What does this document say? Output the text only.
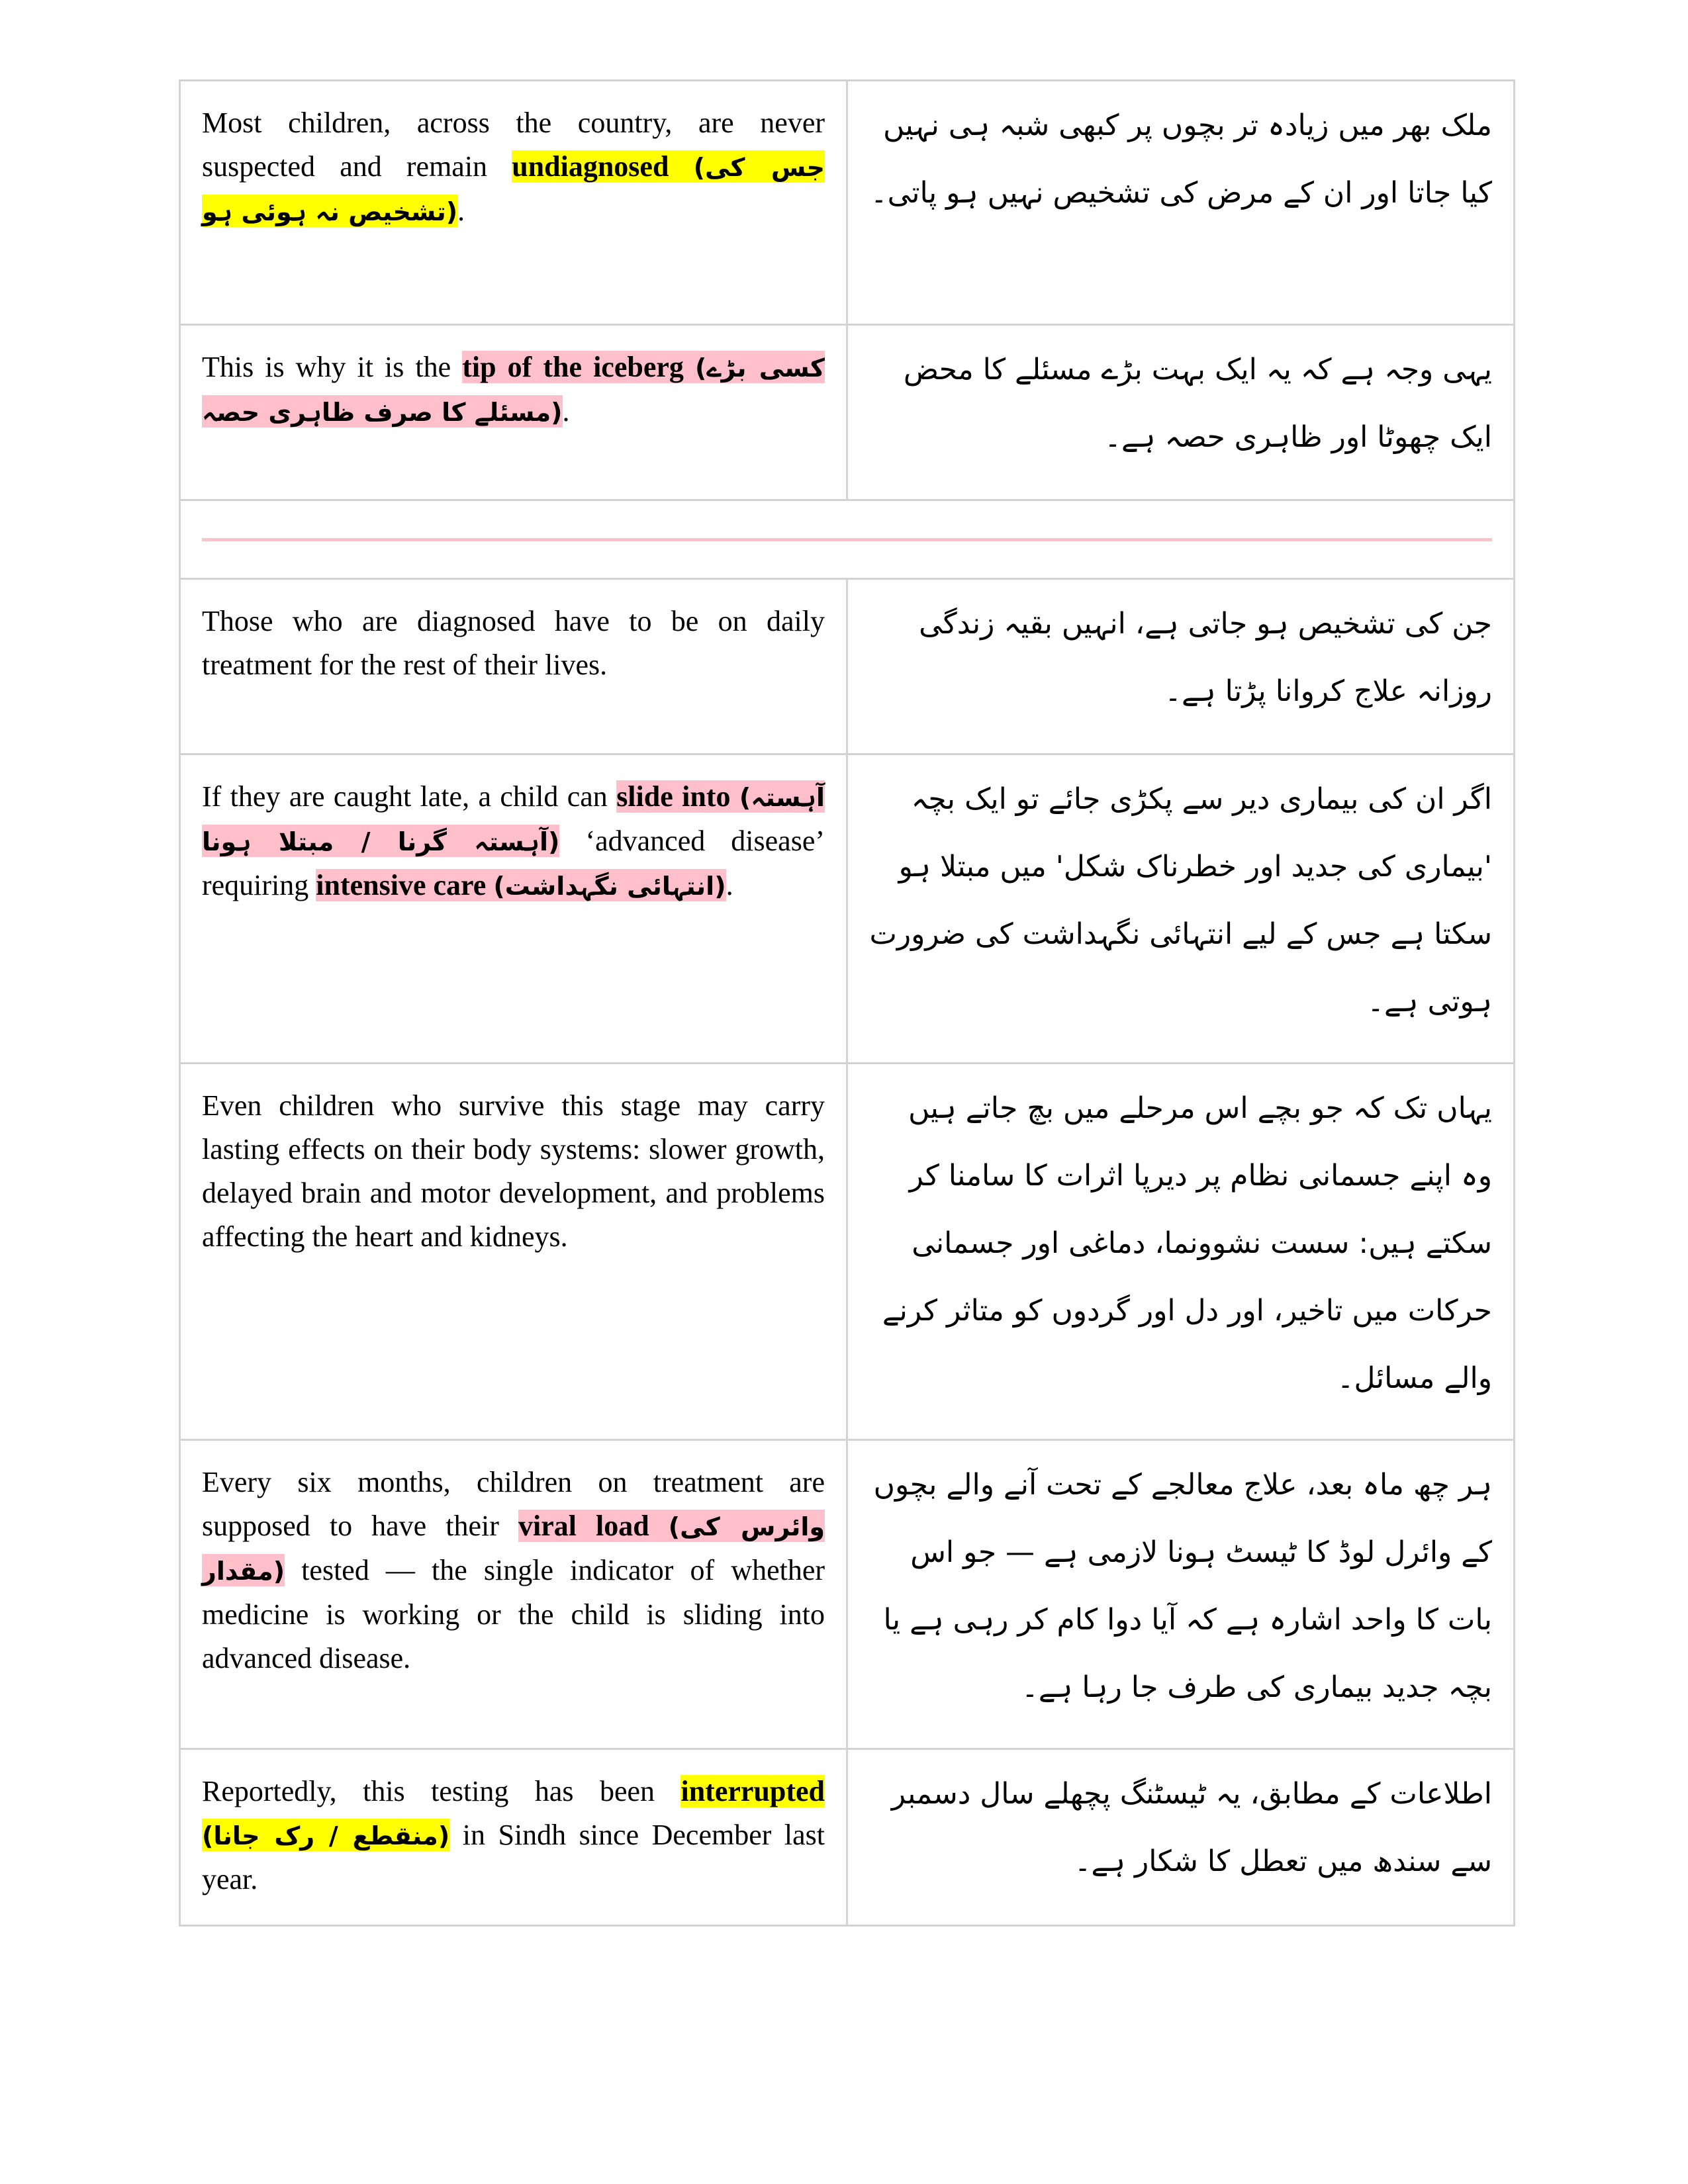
Most children, across the country, are never suspected and remain undiagnosed (جس کی تشخیص نہ ہوئی ہو).	ملک بھر میں زیادہ تر بچوں پر کبھی شبہ ہی نہیں کیا جاتا اور ان کے مرض کی تشخیص نہیں ہو پاتی۔

This is why it is the tip of the iceberg (کسی بڑے مسئلے کا صرف ظاہری حصہ).	یہی وجہ ہے کہ یہ ایک بہت بڑے مسئلے کا محض ایک چھوٹا اور ظاہری حصہ ہے۔

Those who are diagnosed have to be on daily treatment for the rest of their lives.	جن کی تشخیص ہو جاتی ہے، انہیں بقیہ زندگی روزانہ علاج کروانا پڑتا ہے۔

If they are caught late, a child can slide into (آہستہ آہستہ گرنا / مبتلا ہونا) ‘advanced disease’ requiring intensive care (انتہائی نگہداشت).	اگر ان کی بیماری دیر سے پکڑی جائے تو ایک بچہ 'بیماری کی جدید اور خطرناک شکل' میں مبتلا ہو سکتا ہے جس کے لیے انتہائی نگہداشت کی ضرورت ہوتی ہے۔

Even children who survive this stage may carry lasting effects on their body systems: slower growth, delayed brain and motor development, and problems affecting the heart and kidneys.	یہاں تک کہ جو بچے اس مرحلے میں بچ جاتے ہیں وہ اپنے جسمانی نظام پر دیرپا اثرات کا سامنا کر سکتے ہیں: سست نشوونما، دماغی اور جسمانی حرکات میں تاخیر، اور دل اور گردوں کو متاثر کرنے والے مسائل۔

Every six months, children on treatment are supposed to have their viral load (وائرس کی مقدار) tested — the single indicator of whether medicine is working or the child is sliding into advanced disease.	ہر چھ ماہ بعد، علاج معالجے کے تحت آنے والے بچوں کے وائرل لوڈ کا ٹیسٹ ہونا لازمی ہے — جو اس بات کا واحد اشارہ ہے کہ آیا دوا کام کر رہی ہے یا بچہ جدید بیماری کی طرف جا رہا ہے۔

Reportedly, this testing has been interrupted (منقطع / رک جانا) in Sindh since December last year.	اطلاعات کے مطابق، یہ ٹیسٹنگ پچھلے سال دسمبر سے سندھ میں تعطل کا شکار ہے۔
